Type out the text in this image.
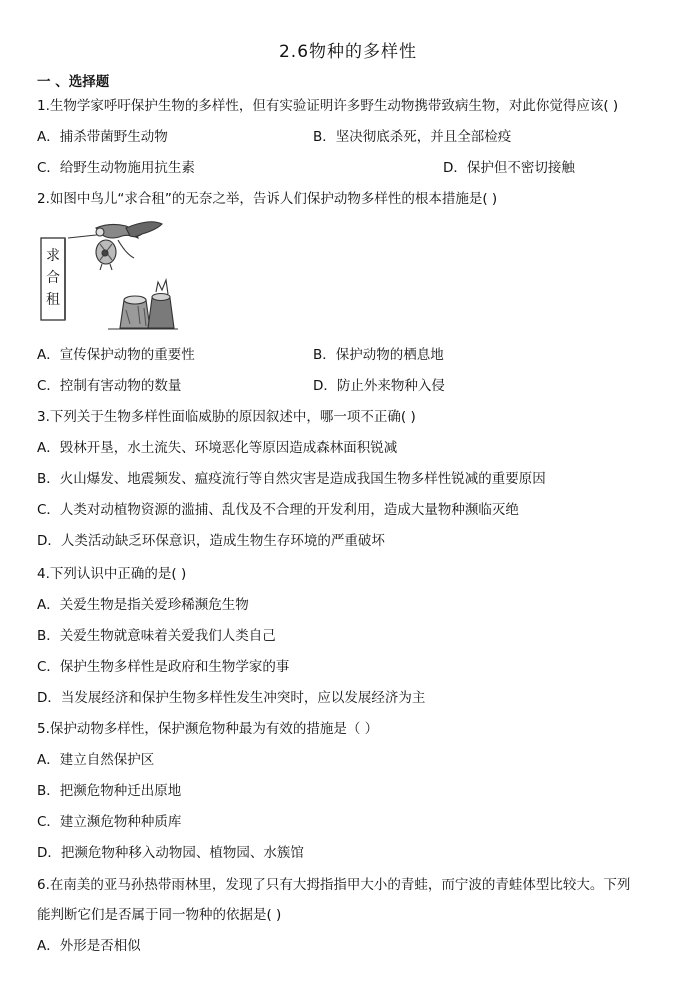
2.6物种的多样性
一 、选择题
1.生物学家呼吁保护生物的多样性，但有实验证明许多野生动物携带致病生物，对此你觉得应该( )
A．捕杀带菌野生动物	B．坚决彻底杀死，并且全部检疫
C．给野生动物施用抗生素	D．保护但不密切接触
2.如图中鸟儿“求合租”的无奈之举，告诉人们保护动物多样性的根本措施是( )
求
合
租
A．宣传保护动物的重要性	B．保护动物的栖息地
C．控制有害动物的数量	D．防止外来物种入侵
3.下列关于生物多样性面临威胁的原因叙述中，哪一项不正确( )
A．毁林开垦，水土流失、环境恶化等原因造成森林面积锐减
B．火山爆发、地震频发、瘟疫流行等自然灾害是造成我国生物多样性锐减的重要原因
C．人类对动植物资源的滥捕、乱伐及不合理的开发利用，造成大量物种濒临灭绝
D．人类活动缺乏环保意识，造成生物生存环境的严重破坏
4.下列认识中正确的是( )
A．关爱生物是指关爱珍稀濒危生物
B．关爱生物就意味着关爱我们人类自己
C．保护生物多样性是政府和生物学家的事
D．当发展经济和保护生物多样性发生冲突时，应以发展经济为主
5.保护动物多样性，保护濒危物种最为有效的措施是（ ）
A．建立自然保护区
B．把濒危物种迁出原地
C．建立濒危物种种质库
D．把濒危物种移入动物园、植物园、水簇馆
6.在南美的亚马孙热带雨林里，发现了只有大拇指指甲大小的青蛙，而宁波的青蛙体型比较大。下列
能判断它们是否属于同一物种的依据是( )
A．外形是否相似
